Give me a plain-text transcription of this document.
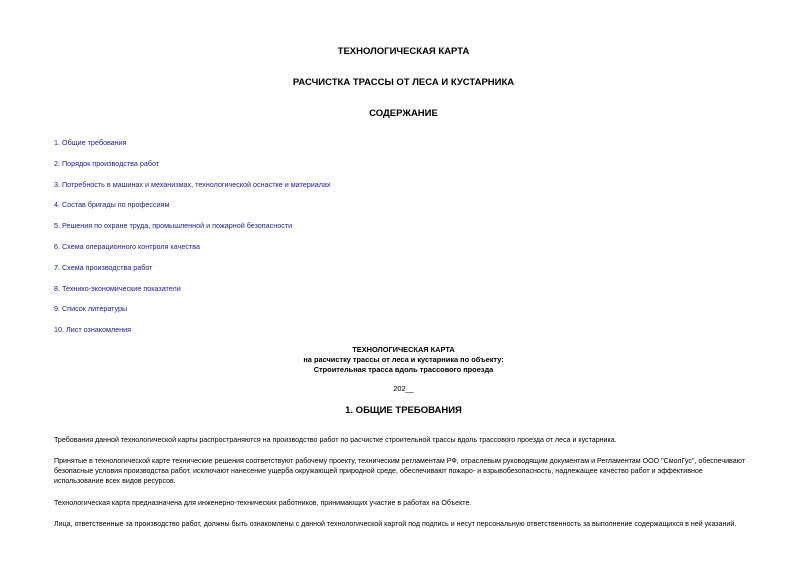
ТЕХНОЛОГИЧЕСКАЯ КАРТА
РАСЧИСТКА ТРАССЫ ОТ ЛЕСА И КУСТАРНИКА
СОДЕРЖАНИЕ
1. Общие требования
2. Порядок производства работ
3. Потребность в машинах и механизмах, технологической оснастке и материалах
4. Состав бригады по профессиям
5. Решения по охране труда, промышленной и пожарной безопасности
6. Схема операционного контроля качества
7. Схема производства работ
8. Технико-экономические показатели
9. Список литературы
10. Лист ознакомления
ТЕХНОЛОГИЧЕСКАЯ КАРТА
на расчистку трассы от леса и кустарника по объекту:
Строительная трасса вдоль трассового проезда
202__
1. ОБЩИЕ ТРЕБОВАНИЯ

Требования данной технологической карты распространяются на производство работ по расчистке строительной трассы вдоль трассового проезда от леса и кустарника.

Принятые в технологической карте технические решения соответствуют рабочему проекту, техническим регламентам РФ, отраслевым руководящим документам и Регламентам ООО "СмолГус", обеспечивают безопасные условия производства работ, исключают нанесение ущерба окружающей природной среде, обеспечивают пожаро- и взрывобезопасность, надлежащее качество работ и эффективное использование всех видов ресурсов.

Технологическая карта предназначена для инженерно-технических работников, принимающих участие в работах на Объекте.

Лица, ответственные за производство работ, должны быть ознакомлены с данной технологической картой под подпись и несут персональную ответственность за выполнение содержащихся в ней указаний.
